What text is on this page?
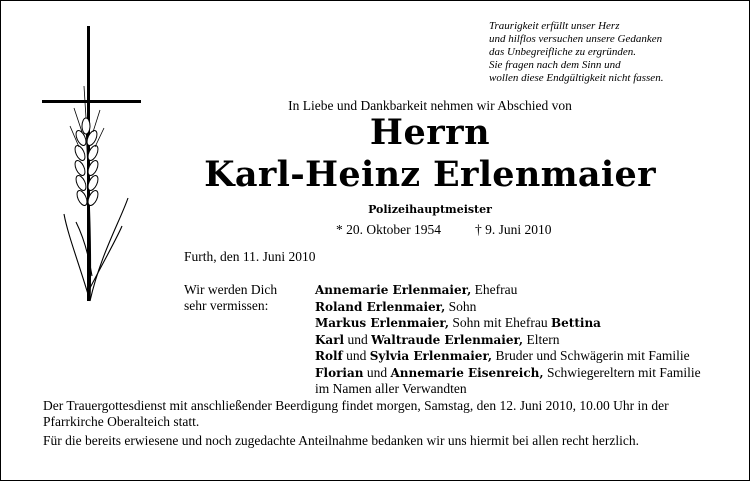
Traurigkeit erfüllt unser Herz
und hilflos versuchen unsere Gedanken
das Unbegreifliche zu ergründen.
Sie fragen nach dem Sinn und
wollen diese Endgültigkeit nicht fassen.
In Liebe und Dankbarkeit nehmen wir Abschied von
Herrn
Karl-Heinz Erlenmaier
Polizeihauptmeister
* 20. Oktober 1954	† 9. Juni 2010
Furth, den 11. Juni 2010
Wir werden Dich
sehr vermissen:
Annemarie Erlenmaier, Ehefrau
Roland Erlenmaier, Sohn
Markus Erlenmaier, Sohn mit Ehefrau Bettina
Karl und Waltraude Erlenmaier, Eltern
Rolf und Sylvia Erlenmaier, Bruder und Schwägerin mit Familie
Florian und Annemarie Eisenreich, Schwiegereltern mit Familie
im Namen aller Verwandten
Der Trauergottesdienst mit anschließender Beerdigung findet morgen, Samstag, den 12. Juni 2010, 10.00 Uhr in der Pfarrkirche Oberalteich statt.
Für die bereits erwiesene und noch zugedachte Anteilnahme bedanken wir uns hiermit bei allen recht herzlich.
